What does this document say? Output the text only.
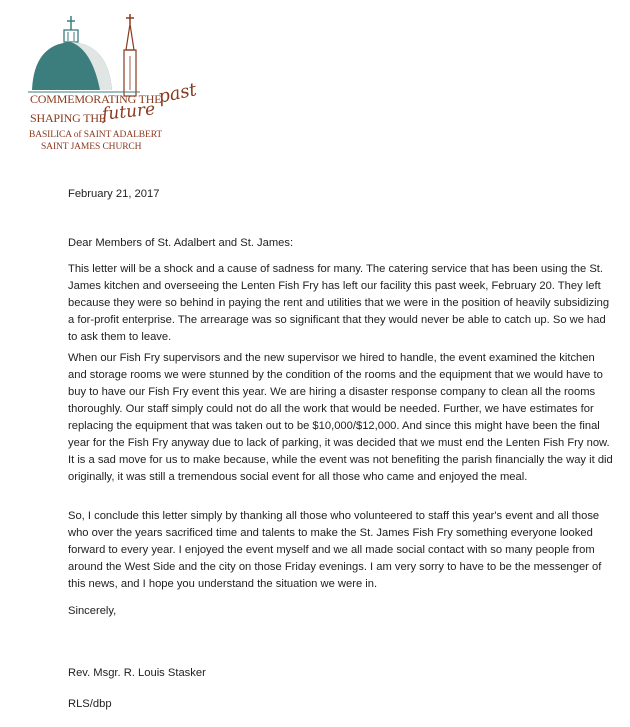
COMMEMORATING THE
past
SHAPING THE
future
BASILICA of SAINT ADALBERT
SAINT JAMES CHURCH

February 21, 2017

Dear Members of St. Adalbert and St. James:

This letter will be a shock and a cause of sadness for many. The catering service that has been using the St. James kitchen and overseeing the Lenten Fish Fry has left our facility this past week, February 20. They left because they were so behind in paying the rent and utilities that we were in the position of heavily subsidizing a for-profit enterprise. The arrearage was so significant that they would never be able to catch up. So we had to ask them to leave.

When our Fish Fry supervisors and the new supervisor we hired to handle, the event examined the kitchen and storage rooms we were stunned by the condition of the rooms and the equipment that we would have to buy to have our Fish Fry event this year. We are hiring a disaster response company to clean all the rooms thoroughly. Our staff simply could not do all the work that would be needed. Further, we have estimates for replacing the equipment that was taken out to be $10,000/$12,000. And since this might have been the final year for the Fish Fry anyway due to lack of parking, it was decided that we must end the Lenten Fish Fry now. It is a sad move for us to make because, while the event was not benefiting the parish financially the way it did originally, it was still a tremendous social event for all those who came and enjoyed the meal.

So, I conclude this letter simply by thanking all those who volunteered to staff this year's event and all those who over the years sacrificed time and talents to make the St. James Fish Fry something everyone looked forward to every year. I enjoyed the event myself and we all made social contact with so many people from around the West Side and the city on those Friday evenings. I am very sorry to have to be the messenger of this news, and I hope you understand the situation we were in.

Sincerely,

Rev. Msgr. R. Louis Stasker

RLS/dbp
